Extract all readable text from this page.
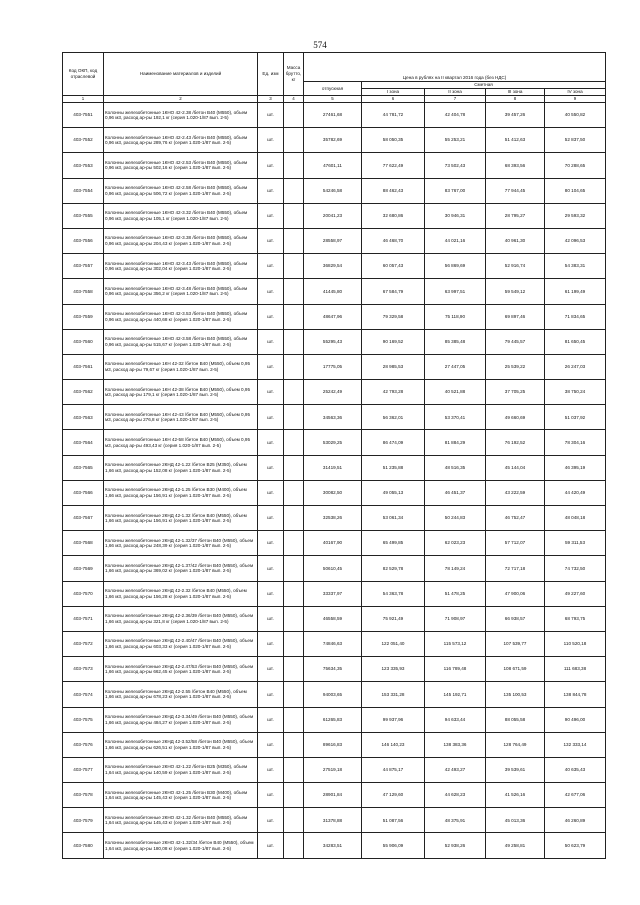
574
Код ОКП, код отраслевой	Наименование материалов и изделий	Ед. изм	Масса брутто, кг	Цена в рублях на II квартал 2016 года (без НДС)				
				отпускная	Сметная			
					I зона	II зона	III зона	IV зона
1	2	3	4	5	6	7	8	9
403-7551	Колонны железобетонные 1КНО 42-2.38 /бетон В40 (М550), объем 0,96 м3, расход ар-ры 192,1 кг (серия 1.020-1/87 вып. 2-5)	шт.		27461,68	44 781,72	42 404,78	39 457,26	40 550,82
403-7552	Колонны железобетонные 1КНО 42-2.43 /бетон В40 (М550), объем 0,96 м3, расход ар-ры 289,76 кг (серия 1.020-1/87 вып. 2-5)	шт.		35782,69	58 050,35	55 253,21	51 412,63	52 837,50
403-7553	Колонны железобетонные 1КНО 42-2.53 /бетон В40 (М550), объем 0,96 м3, расход ар-ры 502,16 кг (серия 1.020-1/87 вып. 2-5)	шт.		47601,11	77 622,49	73 502,43	68 393,56	70 288,65
403-7554	Колонны железобетонные 1КНО 42-2.58 /бетон В40 (М550), объем 0,96 м3, расход ар-ры 506,72 кг (серия 1.020-1/87 вып. 2-5)	шт.		54246,58	88 462,43	83 767,00	77 944,45	80 104,65
403-7555	Колонны железобетонные 1КНО 42-3.32 /бетон В40 (М550), объем 0,96 м3, расход ар-ры 105,1 кг (серия 1.020-1/87 вып. 2-5)	шт.		20041,23	32 680,86	30 946,31	28 795,27	29 593,32
403-7556	Колонны железобетонные 1КНО 42-3.38 /бетон В40 (М550), объем 0,96 м3, расход ар-ры 204,43 кг (серия 1.020-1/87 вып. 2-5)	шт.		28558,97	46 468,70	44 021,16	40 961,30	42 096,53
403-7557	Колонны железобетонные 1КНО 42-3.43 /бетон В40 (М550), объем 0,96 м3, расход ар-ры 302,04 кг (серия 1.020-1/87 вып. 2-5)	шт.		36829,54	60 057,43	56 869,69	52 916,74	54 383,31
403-7558	Колонны железобетонные 1КНО 42-3.48 /бетон В40 (М550), объем 0,96 м3, расход ар-ры 356,2 кг (серия 1.020-1/87 вып. 2-5)	шт.		41445,80	67 584,79	63 997,51	59 549,12	61 199,49
403-7559	Колонны железобетонные 1КНО 42-3.53 /бетон В40 (М550), объем 0,96 м3, расход ар-ры 440,68 кг (серия 1.020-1/87 вып. 2-5)	шт.		48647,96	79 329,58	75 118,90	69 897,46	71 834,65
403-7560	Колонны железобетонные 1КНО 42-3.58 /бетон В40 (М550), объем 0,96 м3, расход ар-ры 515,67 кг (серия 1.020-1/87 вып. 2-5)	шт.		55295,43	90 169,52	85 385,48	79 445,57	81 650,45
403-7561	Колонны железобетонные 1КН 42-32 /бетон В40 (М550), объем 0,95 м3, расход ар-ры 79,67 кг (серия 1.020-1/87 вып. 2-5)	шт.		17775,05	28 985,53	27 447,05	25 539,22	26 247,03
403-7562	Колонны железобетонные 1КН 42-38 /бетон В40 (М550), объем 0,95 м3, расход ар-ры 179,1 кг (серия 1.020-1/87 вып. 2-5)	шт.		25242,49	42 793,28	40 521,88	37 705,25	38 750,24
403-7563	Колонны железобетонные 1КН 42-43 /бетон В40 (М550), объем 0,95 м3, расход ар-ры 276,8 кг (серия 1.020-1/87 вып. 2-5)	шт.		34563,36	56 362,01	53 370,41	49 660,69	51 037,92
403-7564	Колонны железобетонные 1КН 42-58 /бетон В40 (М550), объем 0,95 м3, расход ар-ры 493,43 кг (серия 1.020-1/87 вып. 2-5)	шт.		53029,25	86 474,09	81 884,29	76 192,52	78 304,16
403-7565	Колонны железобетонные 2КНД 42-1.22 /бетон В25 (М350), объем 1,66 м3, расход ар-ры 152,08 кг (серия 1.020-1/87 вып. 2-5)	шт.		31419,51	51 235,88	48 516,35	45 144,04	46 395,19
403-7566	Колонны железобетонные 2КНД 42-1.25 /бетон В30 (М400), объем 1,66 м3, расход ар-ры 156,91 кг (серия 1.020-1/87 вып. 2-5)	шт.		30082,50	49 055,13	46 451,37	43 222,59	44 420,49
403-7567	Колонны железобетонные 2КНД 42-1.32 /бетон В40 (М550), объем 1,66 м3, расход ар-ры 156,91 кг (серия 1.020-1/87 вып. 2-5)	шт.		32538,26	53 061,34	50 244,83	46 752,47	48 048,18
403-7568	Колонны железобетонные 2КНД 42-1.32/37 /бетон В40 (М550), объем 1,66 м3, расход ар-ры 248,39 кг (серия 1.020-1/87 вып. 2-5)	шт.		40167,90	65 499,85	62 023,23	57 712,07	59 311,53
403-7569	Колонны железобетонные 2КНД 42-1.37/42 /бетон В40 (М550), объем 1,66 м3, расход ар-ры 369,02 кг (серия 1.020-1/87 вып. 2-5)	шт.		50610,45	82 529,78	78 149,24	72 717,18	74 732,50
403-7570	Колонны железобетонные 2КНД 42-2.32 /бетон В40 (М550), объем 1,66 м3, расход ар-ры 156,28 кг (серия 1.020-1/87 вып. 2-5)	шт.		33337,97	54 363,78	51 478,25	47 900,06	49 227,60
403-7571	Колонны железобетонные 2КНД 42-2.36/39 /бетон В40 (М550), объем 1,66 м3, расход ар-ры 321,8 кг (серия 1.020-1/87 вып. 2-5)	шт.		46558,59	75 921,49	71 908,97	66 938,57	68 793,75
403-7572	Колонны железобетонные 2КНД 42-2.40/47 /бетон В40 (М550), объем 1,66 м3, расход ар-ры 603,33 кг (серия 1.020-1/87 вып. 2-5)	шт.		74846,63	122 051,40	115 573,12	107 539,77	110 520,18
403-7573	Колонны железобетонные 2КНД 42-2.47/53 /бетон В40 (М550), объем 1,66 м3, расход ар-ры 662,45 кг (серия 1.020-1/87 вып. 2-5)	шт.		75634,35	123 335,93	116 789,48	108 671,59	111 683,38
403-7574	Колонны железобетонные 2КНД 42-2.55 /бетон В40 (М550), объем 1,66 м3, расход ар-ры 678,23 кг (серия 1.020-1/87 вып. 2-5)	шт.		94003,65	153 331,28	145 192,71	135 100,53	138 844,78
403-7575	Колонны железобетонные 2КНД 42-3.34/49 /бетон В40 (М550), объем 1,66 м3, расход ар-ры 484,27 кг (серия 1.020-1/87 вып. 2-5)	шт.		61265,83	99 937,96	94 633,44	88 055,58	90 496,00
403-7576	Колонны железобетонные 2КНД 42-3.52/58 /бетон В40 (М550), объем 1,66 м3, расход ар-ры 626,51 кг (серия 1.020-1/87 вып. 2-5)	шт.		89616,83	146 140,23	138 383,36	128 764,49	132 333,14
403-7577	Колонны железобетонные 2КНО 42-1.22 /бетон В25 (М350), объем 1,64 м3, расход ар-ры 140,59 кг (серия 1.020-1/87 вып. 2-5)	шт.		27519,18	44 875,17	42 493,27	39 539,61	40 635,43
403-7578	Колонны железобетонные 2КНО 42-1.25 /бетон В30 (М400), объем 1,64 м3, расход ар-ры 145,43 кг (серия 1.020-1/87 вып. 2-5)	шт.		28901,84	47 129,60	44 628,23	41 526,16	42 677,06
403-7579	Колонны железобетонные 2КНО 42-1.32 /бетон В40 (М550), объем 1,64 м3, расход ар-ры 145,43 кг (серия 1.020-1/87 вып. 2-5)	шт.		31378,88	51 087,56	48 375,91	45 013,36	46 260,89
403-7580	Колонны железобетонные 2КНО 42-1.32/34 /бетон В40 (М550), объем 1,64 м3, расход ар-ры 180,08 кг (серия 1.020-1/87 вып. 2-5)	шт.		34283,51	55 906,09	52 938,26	49 258,81	50 623,79
